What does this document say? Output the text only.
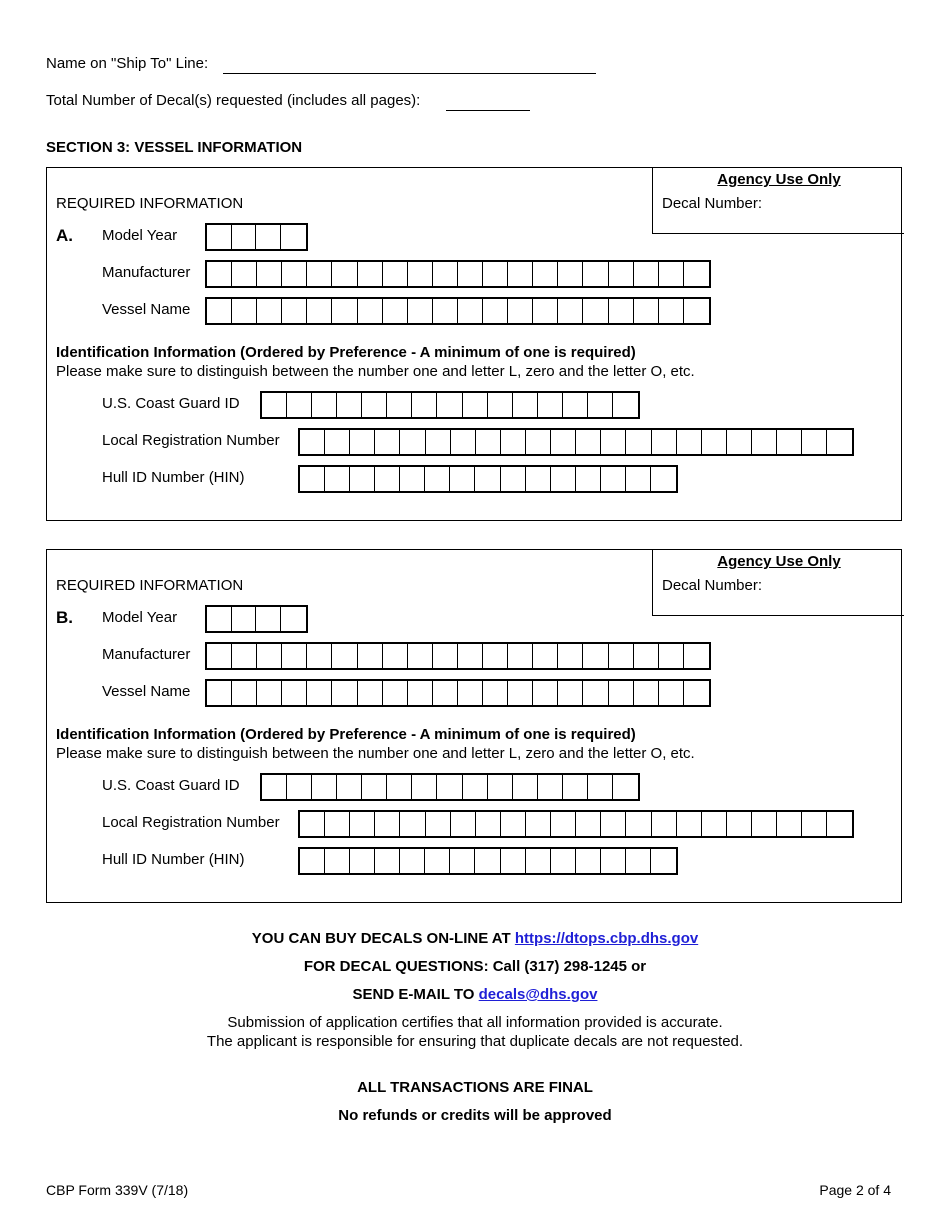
Name on "Ship To" Line:
Total Number of Decal(s) requested (includes all pages):
SECTION 3: VESSEL INFORMATION
Agency Use Only
Decal Number:
REQUIRED INFORMATION
A. Model Year
Manufacturer
Vessel Name
Identification Information (Ordered by Preference - A minimum of one is required)
Please make sure to distinguish between the number one and letter L, zero and the letter O, etc.
U.S. Coast Guard ID
Local Registration Number
Hull ID Number (HIN)
Agency Use Only
Decal Number:
REQUIRED INFORMATION
B. Model Year
Manufacturer
Vessel Name
Identification Information (Ordered by Preference - A minimum of one is required)
Please make sure to distinguish between the number one and letter L, zero and the letter O, etc.
U.S. Coast Guard ID
Local Registration Number
Hull ID Number (HIN)
YOU CAN BUY DECALS ON-LINE AT https://dtops.cbp.dhs.gov
FOR DECAL QUESTIONS: Call (317) 298-1245 or
SEND E-MAIL TO decals@dhs.gov
Submission of application certifies that all information provided is accurate.
The applicant is responsible for ensuring that duplicate decals are not requested.
ALL TRANSACTIONS ARE FINAL
No refunds or credits will be approved
CBP Form 339V (7/18)	Page 2 of 4
